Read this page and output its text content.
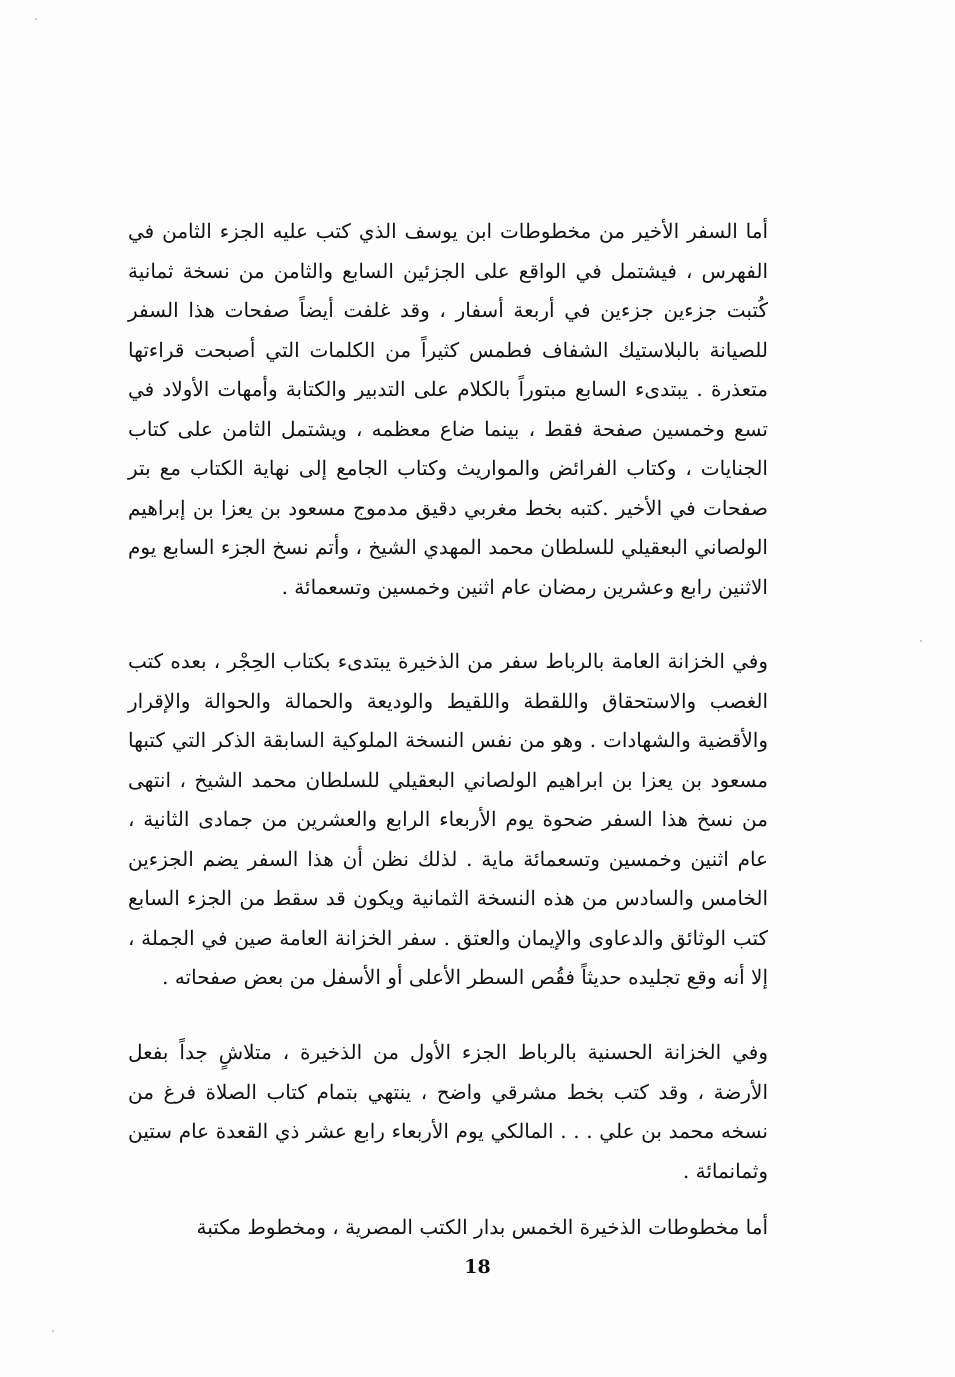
أما السفر الأخير من مخطوطات ابن يوسف الذي كتب عليه الجزء الثامن في الفهرس ، فيشتمل في الواقع على الجزئين السابع والثامن من نسخة ثمانية كُتبت جزءين جزءين في أربعة أسفار ، وقد غلفت أيضاً صفحات هذا السفر للصيانة بالبلاستيك الشفاف فطمس كثيراً من الكلمات التي أصبحت قراءتها متعذرة . يبتدىء السابع مبتوراً بالكلام على التدبير والكتابة وأمهات الأولاد في تسع وخمسين صفحة فقط ، بينما ضاع معظمه ، ويشتمل الثامن على كتاب الجنايات ، وكتاب الفرائض والمواريث وكتاب الجامع إلى نهاية الكتاب مع بتر صفحات في الأخير .كتبه بخط مغربي دقيق مدموج مسعود بن يعزا بن إبراهيم الولصاني البعقيلي للسلطان محمد المهدي الشيخ ، وأتم نسخ الجزء السابع يوم الاثنين رابع وعشرين رمضان عام اثنين وخمسين وتسعمائة .

وفي الخزانة العامة بالرباط سفر من الذخيرة يبتدىء بكتاب الحِجْر ، بعده كتب الغصب والاستحقاق واللقطة واللقيط والوديعة والحمالة والحوالة والإقرار والأقضية والشهادات . وهو من نفس النسخة الملوكية السابقة الذكر التي كتبها مسعود بن يعزا بن ابراهيم الولصاني البعقيلي للسلطان محمد الشيخ ، انتهى من نسخ هذا السفر ضحوة يوم الأربعاء الرابع والعشرين من جمادى الثانية ، عام اثنين وخمسين وتسعمائة ماية . لذلك نظن أن هذا السفر يضم الجزءين الخامس والسادس من هذه النسخة الثمانية ويكون قد سقط من الجزء السابع كتب الوثائق والدعاوى والإيمان والعتق . سفر الخزانة العامة صين في الجملة ، إلا أنه وقع تجليده حديثاً فقُص السطر الأعلى أو الأسفل من بعض صفحاته .

وفي الخزانة الحسنية بالرباط الجزء الأول من الذخيرة ، متلاشٍ جداً بفعل الأرضة ، وقد كتب بخط مشرقي واضح ، ينتهي بتمام كتاب الصلاة فرغ من نسخه محمد بن علي . . . المالكي يوم الأربعاء رابع عشر ذي القعدة عام ستين وثمانمائة .

أما مخطوطات الذخيرة الخمس بدار الكتب المصرية ، ومخطوط مكتبة

18
